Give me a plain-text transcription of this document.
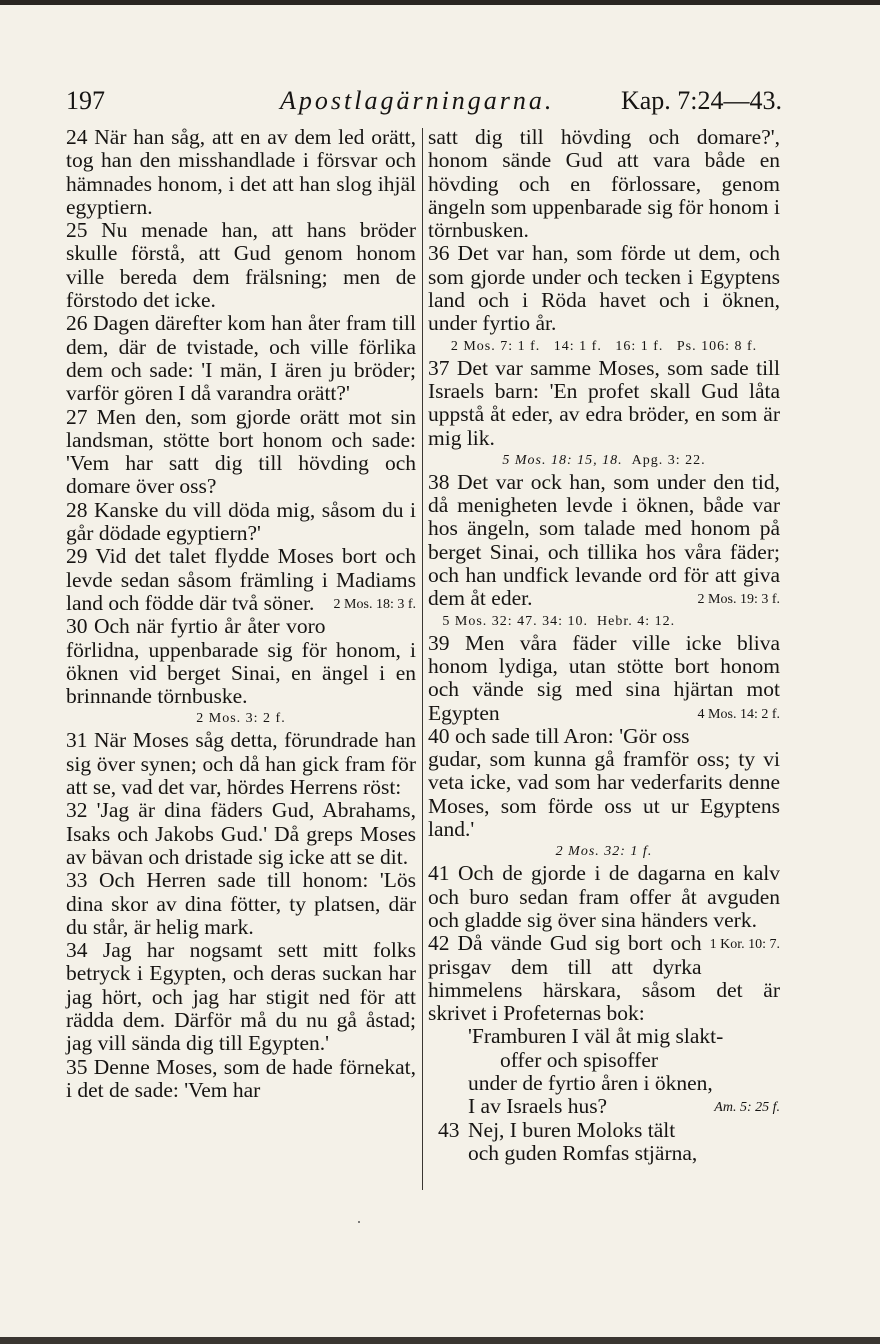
197	Apostlagärningarna.	Kap. 7:24—43.

24 När han såg, att en av dem led orätt, tog han den misshandlade i försvar och hämnades honom, i det att han slog ihjäl egyptiern.

25 Nu menade han, att hans bröder skulle förstå, att Gud genom honom ville bereda dem frälsning; men de förstodo det icke.

26 Dagen därefter kom han åter fram till dem, där de tvistade, och ville förlika dem och sade: 'I män, I ären ju bröder; varför gören I då varandra orätt?'

27 Men den, som gjorde orätt mot sin landsman, stötte bort honom och sade: 'Vem har satt dig till hövding och domare över oss?

28 Kanske du vill döda mig, såsom du i går dödade egyptiern?'

29 Vid det talet flydde Moses bort och levde sedan såsom främling i Madiams land och födde där två söner.	2 Mos. 18: 3 f.

30 Och när fyrtio år åter voro förlidna, uppenbarade sig för honom, i öknen vid berget Sinai, en ängel i en brinnande törnbuske.

2 Mos. 3: 2 f.

31 När Moses såg detta, förundrade han sig över synen; och då han gick fram för att se, vad det var, hördes Herrens röst:

32 'Jag är dina fäders Gud, Abrahams, Isaks och Jakobs Gud.' Då greps Moses av bävan och dristade sig icke att se dit.

33 Och Herren sade till honom: 'Lös dina skor av dina fötter, ty platsen, där du står, är helig mark.

34 Jag har nogsamt sett mitt folks betryck i Egypten, och deras suckan har jag hört, och jag har stigit ned för att rädda dem. Därför må du nu gå åstad; jag vill sända dig till Egypten.'

35 Denne Moses, som de hade förnekat, i det de sade: 'Vem har

satt dig till hövding och domare?', honom sände Gud att vara både en hövding och en förlossare, genom ängeln som uppenbarade sig för honom i törnbusken.

36 Det var han, som förde ut dem, och som gjorde under och tecken i Egyptens land och i Röda havet och i öknen, under fyrtio år.

2 Mos. 7: 1 f.   14: 1 f.   16: 1 f.   Ps. 106: 8 f.

37 Det var samme Moses, som sade till Israels barn: 'En profet skall Gud låta uppstå åt eder, av edra bröder, en som är mig lik.

5 Mos. 18: 15, 18. Apg. 3: 22.

38 Det var ock han, som under den tid, då menigheten levde i öknen, både var hos ängeln, som talade med honom på berget Sinai, och tillika hos våra fäder; och han undfick levande ord för att giva dem åt eder.	2 Mos. 19: 3 f.

5 Mos. 32: 47. 34: 10.  Hebr. 4: 12.

39 Men våra fäder ville icke bliva honom lydiga, utan stötte bort honom och vände sig med sina hjärtan mot Egypten	4 Mos. 14: 2 f.

40 och sade till Aron: 'Gör oss gudar, som kunna gå framför oss; ty vi veta icke, vad som har vederfarits denne Moses, som förde oss ut ur Egyptens land.'

2 Mos. 32: 1 f.

41 Och de gjorde i de dagarna en kalv och buro sedan fram offer åt avguden och gladde sig över sina händers verk.
1 Kor. 10: 7.

42 Då vände Gud sig bort och prisgav dem till att dyrka himmelens härskara, såsom det är skrivet i Profeternas bok:

'Framburen I väl åt mig slakt-
offer och spisoffer
under de fyrtio åren i öknen,
I av Israels hus?	Am. 5: 25 f.
43 Nej, I buren Moloks tält
och guden Romfas stjärna,
